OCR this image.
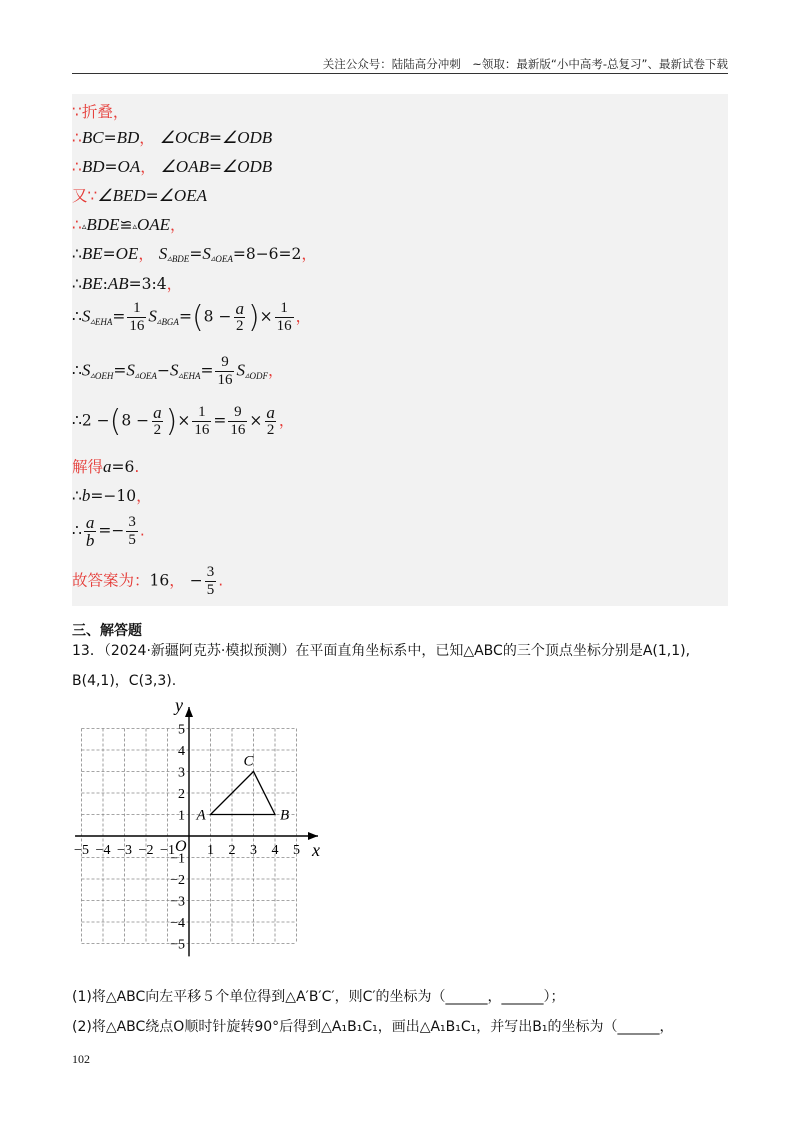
关注公众号：陆陆高分冲刺　~领取：最新版“小中高考-总复习”、最新试卷下载
∵折叠，
∴BC=BD， ∠OCB=∠ODB
∴BD=OA， ∠OAB=∠ODB
又∵∠BED=∠OEA
∴▵BDE≌▵OAE，
∴BE=OE， $S_{▵BDE}=S_{▵OEA}=8-6=2$，
∴BE:AB=3:4，
$\therefore S_{▵EHA}= \frac{1}{16} S_{▵BGA}=(8 - \frac{a}{2}$ )× $\frac{1}{16}$ ，
$\therefore S_{▵OEH}=S_{▵OEA}-S_{▵EHA}= \frac{9}{16} S_{▵ODF}$，
∴2 $-(8 - \frac{a}{2}$ )× $\frac{1}{16} = \frac{9}{16} \times \frac{a}{2}$ ，
解得a=6.
∴b=−10，
∴ $\frac{a}{b} =- \frac{3}{5}$ .
故答案为：16， − $\frac{3}{5}$ .
三、解答题
13．（2024·新疆阿克苏·模拟预测）在平面直角坐标系中，已知△ABC的三个顶点坐标分别是A(1,1),
B(4,1)，C(3,3).
x
y
O
−5 −4 −3 −2 −1 1 2 3 4 5
5
4
3
2
1
−1
−2
−3
−4
−5
A	B
C
(1)将△ABC向左平移５个单位得到△A′B′C′，则C′的坐标为（______，______）；
(2)将△ABC绕点O顺时针旋转90°后得到△A₁B₁C₁，画出△A₁B₁C₁，并写出B₁的坐标为（______，
102
